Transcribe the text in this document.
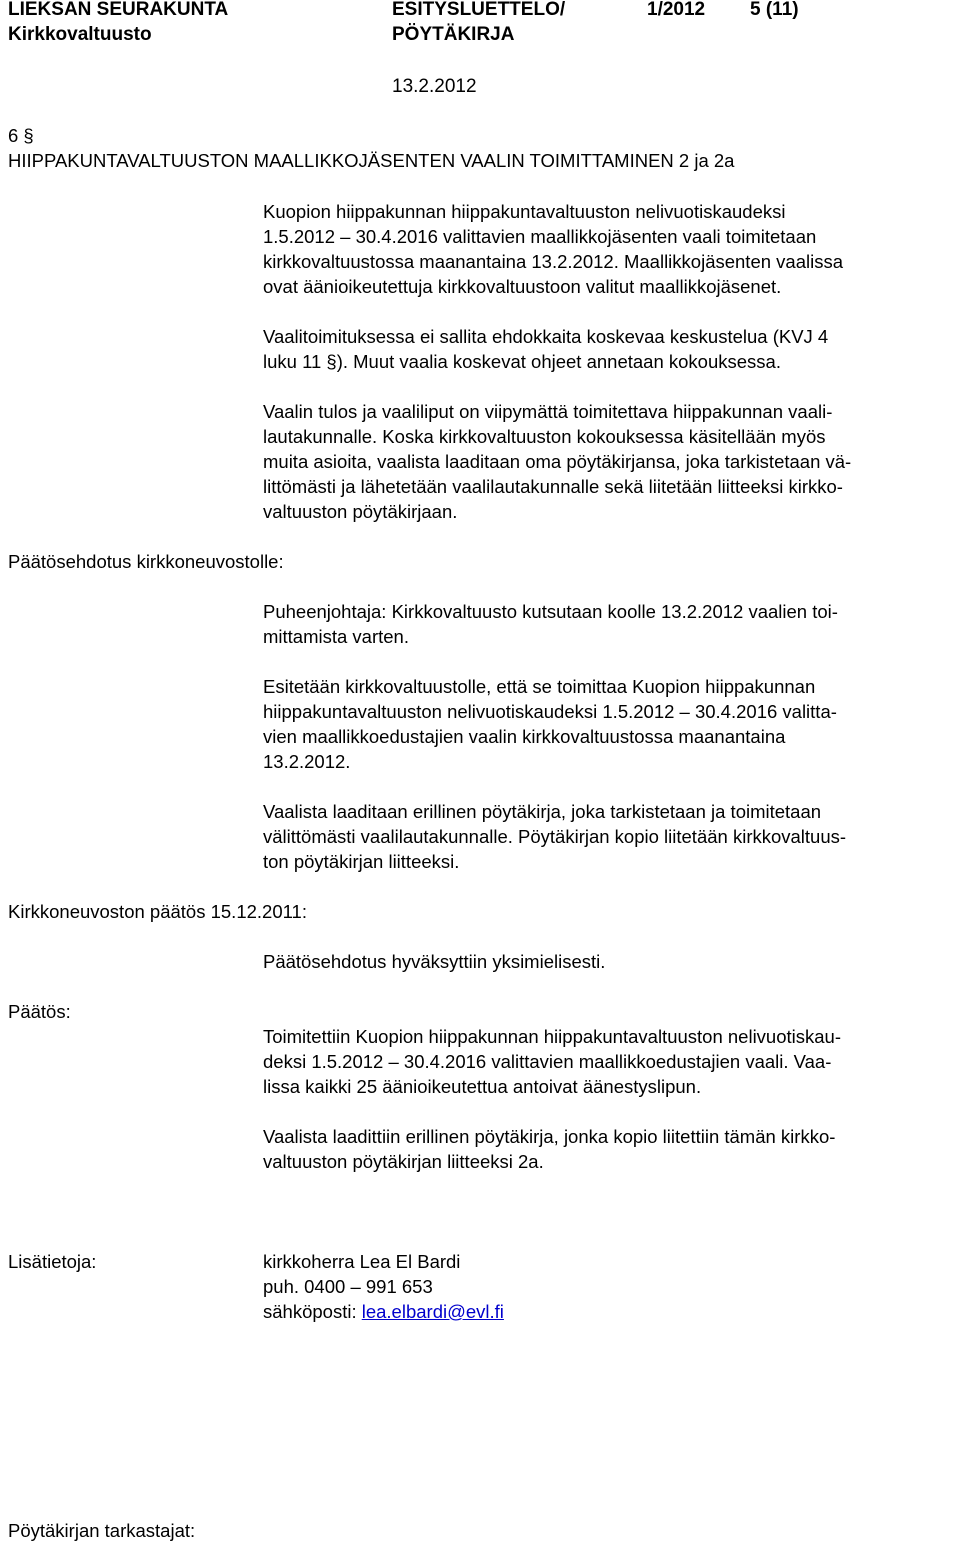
LIEKSAN SEURAKUNTA
Kirkkovaltuusto
ESITYSLUETTELO/
PÖYTÄKIRJA
1/2012 5 (11)
13.2.2012
6 §
HIIPPAKUNTAVALTUUSTON MAALLIKKOJÄSENTEN VAALIN TOIMITTAMINEN 2 ja 2a
Kuopion hiippakunnan hiippakuntavaltuuston nelivuotiskaudeksi
1.5.2012 – 30.4.2016 valittavien maallikkojäsenten vaali toimitetaan
kirkkovaltuustossa maanantaina 13.2.2012. Maallikkojäsenten vaalissa
ovat äänioikeutettuja kirkkovaltuustoon valitut maallikkojäsenet.
Vaalitoimituksessa ei sallita ehdokkaita koskevaa keskustelua (KVJ 4
luku 11 §). Muut vaalia koskevat ohjeet annetaan kokouksessa.
Vaalin tulos ja vaaliliput on viipymättä toimitettava hiippakunnan vaali-
lautakunnalle. Koska kirkkovaltuuston kokouksessa käsitellään myös
muita asioita, vaalista laaditaan oma pöytäkirjansa, joka tarkistetaan vä-
littömästi ja lähetetään vaalilautakunnalle sekä liitetään liitteeksi kirkko-
valtuuston pöytäkirjaan.
Päätösehdotus kirkkoneuvostolle:
Puheenjohtaja: Kirkkovaltuusto kutsutaan koolle 13.2.2012 vaalien toi-
mittamista varten.
Esitetään kirkkovaltuustolle, että se toimittaa Kuopion hiippakunnan
hiippakuntavaltuuston nelivuotiskaudeksi 1.5.2012 – 30.4.2016 valitta-
vien maallikkoedustajien vaalin kirkkovaltuustossa maanantaina
13.2.2012.
Vaalista laaditaan erillinen pöytäkirja, joka tarkistetaan ja toimitetaan
välittömästi vaalilautakunnalle. Pöytäkirjan kopio liitetään kirkkovaltuus-
ton pöytäkirjan liitteeksi.
Kirkkoneuvoston päätös 15.12.2011:
Päätösehdotus hyväksyttiin yksimielisesti.
Päätös:
Toimitettiin Kuopion hiippakunnan hiippakuntavaltuuston nelivuotiskau-
deksi 1.5.2012 – 30.4.2016 valittavien maallikkoedustajien vaali. Vaa-
lissa kaikki 25 äänioikeutettua antoivat äänestyslipun.
Vaalista laadittiin erillinen pöytäkirja, jonka kopio liitettiin tämän kirkko-
valtuuston pöytäkirjan liitteeksi 2a.
Lisätietoja:	kirkkoherra Lea El Bardi
puh. 0400 – 991 653
sähköposti: lea.elbardi@evl.fi
Pöytäkirjan tarkastajat:
